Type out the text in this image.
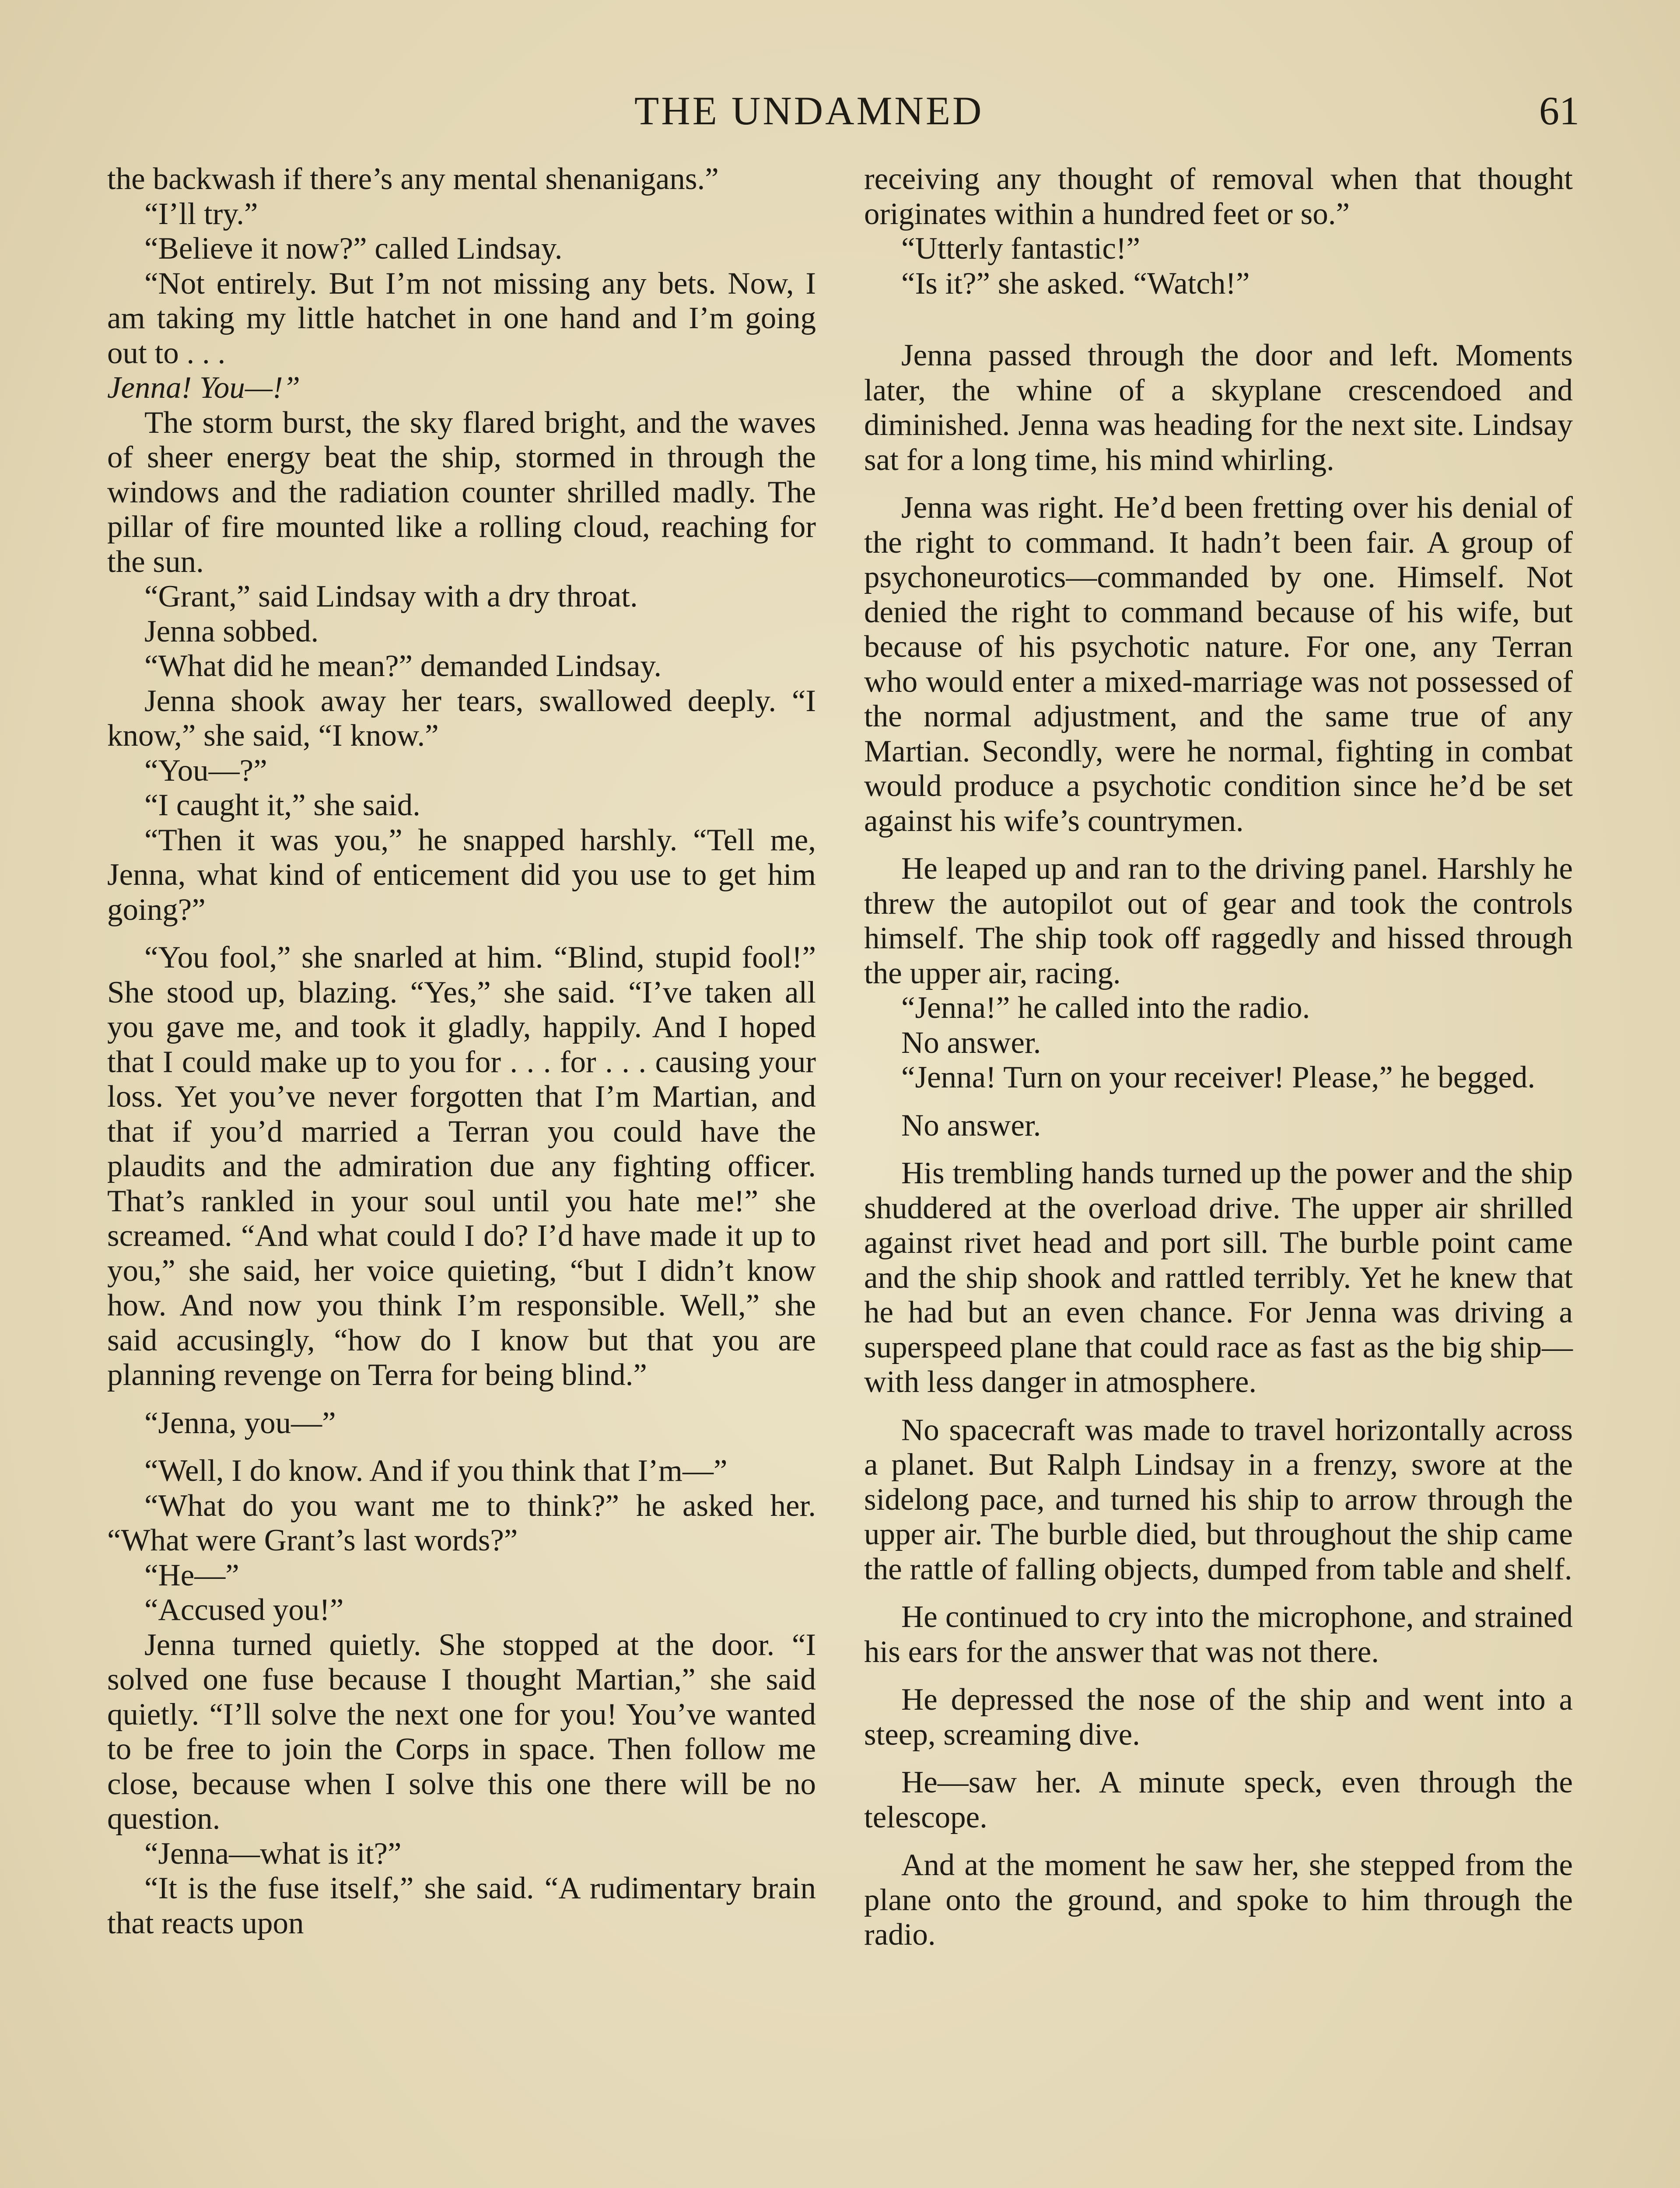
THE UNDAMNED	61

the backwash if there’s any mental shenanigans.”

“I’ll try.”

“Believe it now?” called Lindsay.

“Not entirely. But I’m not missing any bets. Now, I am taking my little hatchet in one hand and I’m going out to . . .

Jenna! You—!”

The storm burst, the sky flared bright, and the waves of sheer energy beat the ship, stormed in through the windows and the radiation counter shrilled madly. The pillar of fire mounted like a rolling cloud, reaching for the sun.

“Grant,” said Lindsay with a dry throat.

Jenna sobbed.

“What did he mean?” demanded Lindsay.

Jenna shook away her tears, swallowed deeply. “I know,” she said, “I know.”

“You—?”

“I caught it,” she said.

“Then it was you,” he snapped harshly. “Tell me, Jenna, what kind of enticement did you use to get him going?”

“You fool,” she snarled at him. “Blind, stupid fool!” She stood up, blazing. “Yes,” she said. “I’ve taken all you gave me, and took it gladly, happily. And I hoped that I could make up to you for . . . for . . . causing your loss. Yet you’ve never forgotten that I’m Martian, and that if you’d married a Terran you could have the plaudits and the admiration due any fighting officer. That’s rankled in your soul until you hate me!” she screamed. “And what could I do? I’d have made it up to you,” she said, her voice quieting, “but I didn’t know how. And now you think I’m responsible. Well,” she said accusingly, “how do I know but that you are planning revenge on Terra for being blind.”

“Jenna, you—”

“Well, I do know. And if you think that I’m—”

“What do you want me to think?” he asked her. “What were Grant’s last words?”

“He—”

“Accused you!”

Jenna turned quietly. She stopped at the door. “I solved one fuse because I thought Martian,” she said quietly. “I’ll solve the next one for you! You’ve wanted to be free to join the Corps in space. Then follow me close, because when I solve this one there will be no question.

“Jenna—what is it?”

“It is the fuse itself,” she said. “A rudimentary brain that reacts upon

receiving any thought of removal when that thought originates within a hundred feet or so.”

“Utterly fantastic!”

“Is it?” she asked. “Watch!”

Jenna passed through the door and left. Moments later, the whine of a skyplane crescendoed and diminished. Jenna was heading for the next site. Lindsay sat for a long time, his mind whirling.

Jenna was right. He’d been fretting over his denial of the right to command. It hadn’t been fair. A group of psychoneurotics—commanded by one. Himself. Not denied the right to command because of his wife, but because of his psychotic nature. For one, any Terran who would enter a mixed-marriage was not possessed of the normal adjustment, and the same true of any Martian. Secondly, were he normal, fighting in combat would produce a psychotic condition since he’d be set against his wife’s countrymen.

He leaped up and ran to the driving panel. Harshly he threw the autopilot out of gear and took the controls himself. The ship took off raggedly and hissed through the upper air, racing.

“Jenna!” he called into the radio.

No answer.

“Jenna! Turn on your receiver! Please,” he begged.

No answer.

His trembling hands turned up the power and the ship shuddered at the overload drive. The upper air shrilled against rivet head and port sill. The burble point came and the ship shook and rattled terribly. Yet he knew that he had but an even chance. For Jenna was driving a superspeed plane that could race as fast as the big ship—with less danger in atmosphere.

No spacecraft was made to travel horizontally across a planet. But Ralph Lindsay in a frenzy, swore at the sidelong pace, and turned his ship to arrow through the upper air. The burble died, but throughout the ship came the rattle of falling objects, dumped from table and shelf.

He continued to cry into the microphone, and strained his ears for the answer that was not there.

He depressed the nose of the ship and went into a steep, screaming dive.

He—saw her. A minute speck, even through the telescope.

And at the moment he saw her, she stepped from the plane onto the ground, and spoke to him through the radio.
